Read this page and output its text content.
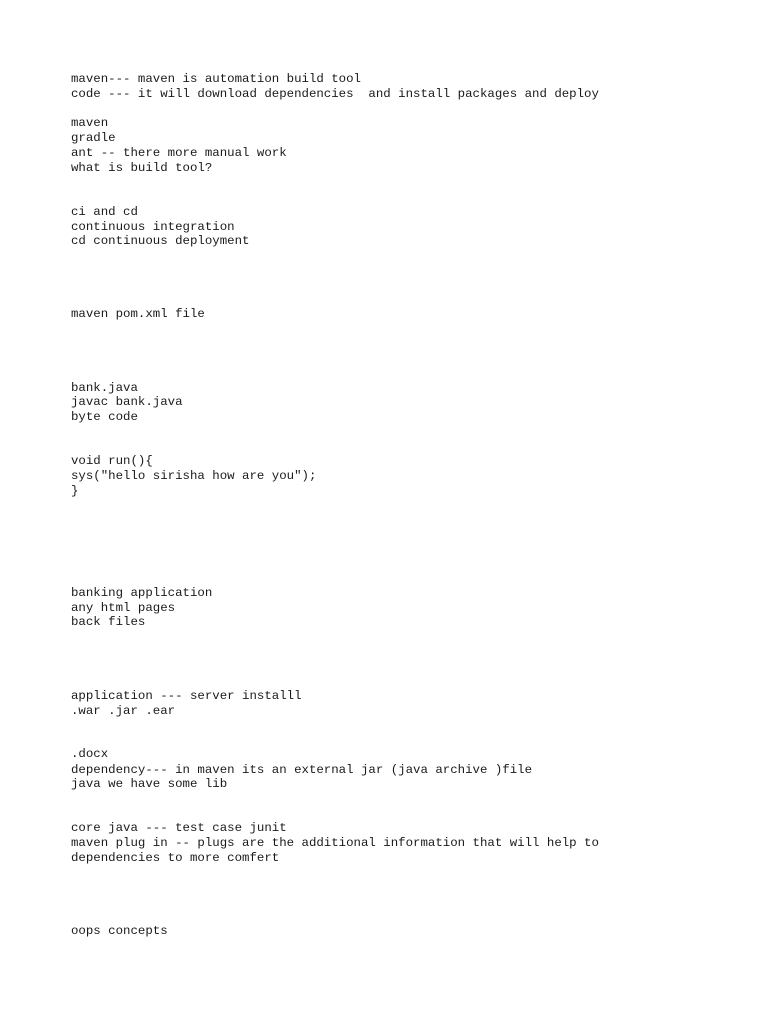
maven--- maven is automation build tool

code --- it will download dependencies  and install packages and deploy

maven

gradle

ant -- there more manual work

what is build tool?

ci and cd

continuous integration

cd continuous deployment

maven pom.xml file

bank.java

javac bank.java

byte code

void run(){

sys("hello sirisha how are you");

}

banking application

any html pages

back files

application --- server installl

.war .jar .ear

.docx

dependency--- in maven its an external jar (java archive )file

java we have some lib

core java --- test case junit

maven plug in -- plugs are the additional information that will help to

dependencies to more comfert

oops concepts
